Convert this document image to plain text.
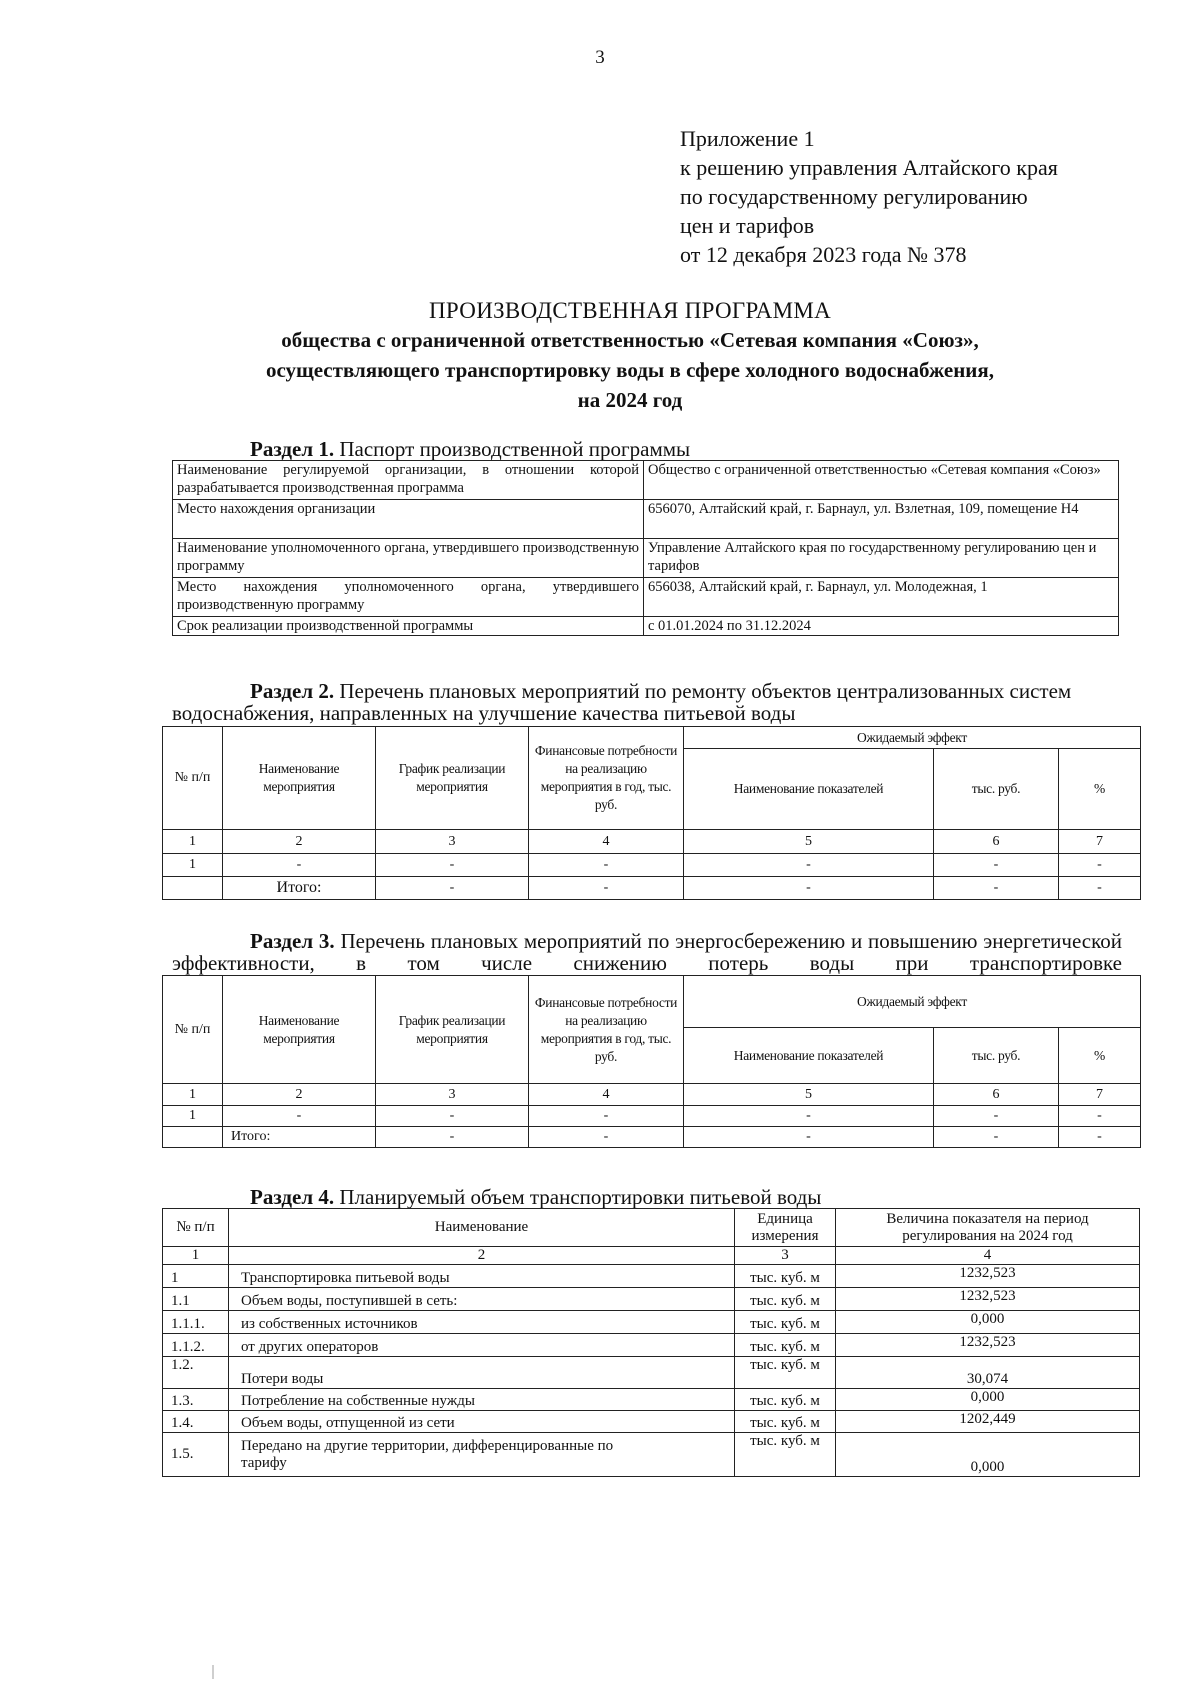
3
Приложение 1
к решению управления Алтайского края
по государственному регулированию
цен и тарифов
от 12 декабря 2023 года № 378
ПРОИЗВОДСТВЕННАЯ ПРОГРАММА
общества с ограниченной ответственностью «Сетевая компания «Союз»,
осуществляющего транспортировку воды в сфере холодного водоснабжения,
на 2024 год
Раздел 1. Паспорт производственной программы
Наименование регулируемой организации, в отношении которой разрабатывается производственная программа	Общество с ограниченной ответственностью «Сетевая компания «Союз»
Место нахождения организации	656070, Алтайский край, г. Барнаул, ул. Взлетная, 109, помещение Н4
Наименование уполномоченного органа, утвердившего производственную программу	Управление Алтайского края по государственному регулированию цен и тарифов
Место нахождения уполномоченного органа, утвердившего производственную программу	656038, Алтайский край, г. Барнаул, ул. Молодежная, 1
Срок реализации производственной программы	с 01.01.2024 по 31.12.2024
Раздел 2. Перечень плановых мероприятий по ремонту объектов централизованных систем водоснабжения, направленных на улучшение качества питьевой воды
№ п/п	Наименование мероприятия	График реализации мероприятия	Финансовые потребности на реализацию мероприятия в год, тыс. руб.	Ожидаемый эффект		
				Наименование показателей	тыс. руб.	%
1	2	3	4	5	6	7
1	-	-	-	-	-	-
	Итого:	-	-	-	-	-
Раздел 3. Перечень плановых мероприятий по энергосбережению и повышению энергетической эффективности, в том числе снижению потерь воды при транспортировке
№ п/п	Наименование мероприятия	График реализации мероприятия	Финансовые потребности на реализацию мероприятия в год, тыс. руб.	Ожидаемый эффект		
				Наименование показателей	тыс. руб.	%
1	2	3	4	5	6	7
1	-	-	-	-	-	-
	Итого:	-	-	-	-	-
Раздел 4. Планируемый объем транспортировки питьевой воды
№ п/п	Наименование	Единица измерения	Величина показателя на период регулирования на 2024 год
1	2	3	4
1	Транспортировка питьевой воды	тыс. куб. м	1232,523
1.1	Объем воды, поступившей в сеть:	тыс. куб. м	1232,523
1.1.1.	из собственных источников	тыс. куб. м	0,000
1.1.2.	от других операторов	тыс. куб. м	1232,523
1.2.	Потери воды	тыс. куб. м	30,074
1.3.	Потребление на собственные нужды	тыс. куб. м	0,000
1.4.	Объем воды, отпущенной из сети	тыс. куб. м	1202,449
1.5.	Передано на другие территории, дифференцированные по тарифу	тыс. куб. м	0,000
